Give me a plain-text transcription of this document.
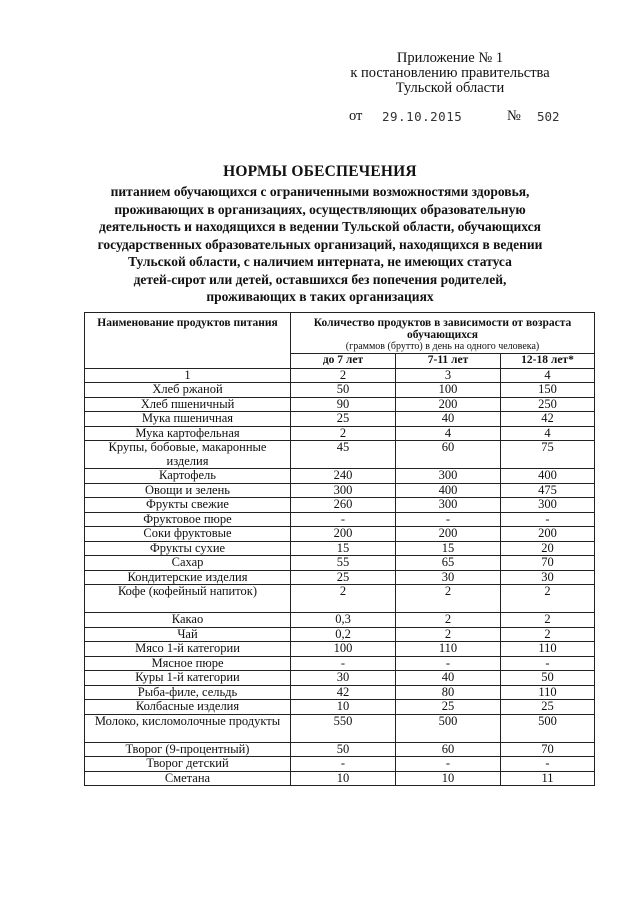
Приложение № 1
к постановлению правительства
Тульской области
от 29.10.2015	№ 502
НОРМЫ ОБЕСПЕЧЕНИЯ
питанием обучающихся с ограниченными возможностями здоровья,
проживающих в организациях, осуществляющих образовательную
деятельность и находящихся в ведении Тульской области, обучающихся
государственных образовательных организаций, находящихся в ведении
Тульской области, с наличием интерната, не имеющих статуса
детей-сирот или детей, оставшихся без попечения родителей,
проживающих в таких организациях
Наименование продуктов питания	Количество продуктов в зависимости от возраста обучающихся
(граммов (брутто) в день на одного человека)		

	до 7 лет	7-11 лет	12-18 лет*
1	2	3	4
Хлеб ржаной	50	100	150
Хлеб пшеничный	90	200	250
Мука пшеничная	25	40	42
Мука картофельная	2	4	4
Крупы, бобовые, макаронные изделия	45	60	75
Картофель	240	300	400
Овощи и зелень	300	400	475
Фрукты свежие	260	300	300
Фруктовое пюре	-	-	-
Соки фруктовые	200	200	200
Фрукты сухие	15	15	20
Сахар	55	65	70
Кондитерские изделия	25	30	30
Кофе (кофейный напиток)	2	2	2
Какао	0,3	2	2
Чай	0,2	2	2
Мясо 1-й категории	100	110	110
Мясное пюре	-	-	-
Куры 1-й категории	30	40	50
Рыба-филе, сельдь	42	80	110
Колбасные изделия	10	25	25
Молоко, кисломолочные продукты	550	500	500
Творог (9-процентный)	50	60	70
Творог детский	-	-	-
Сметана	10	10	11
